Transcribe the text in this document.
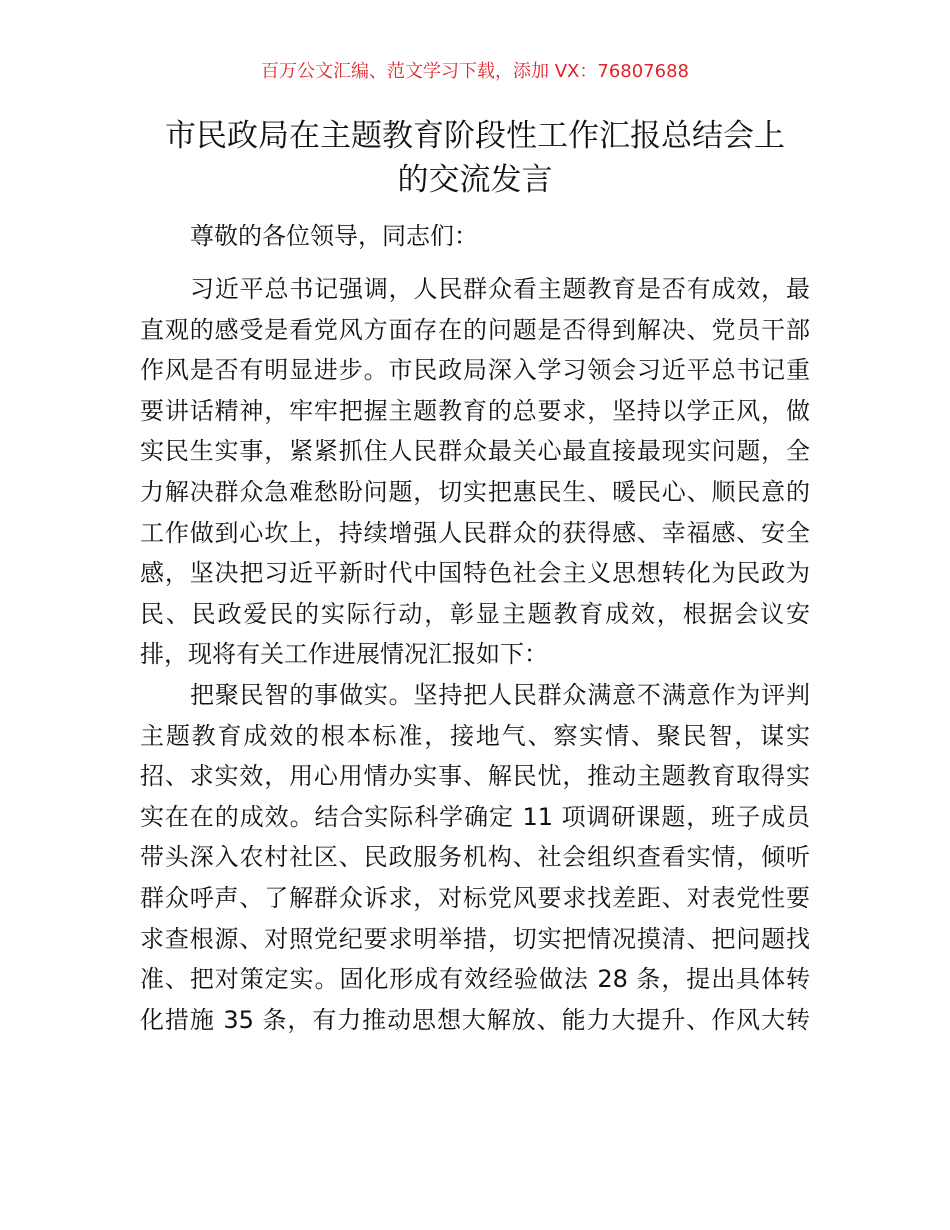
百万公文汇编、范文学习下载，添加 VX：76807688
市民政局在主题教育阶段性工作汇报总结会上
的交流发言
尊敬的各位领导，同志们：
习近平总书记强调，人民群众看主题教育是否有成效，最
直观的感受是看党风方面存在的问题是否得到解决、党员干部
作风是否有明显进步。市民政局深入学习领会习近平总书记重
要讲话精神，牢牢把握主题教育的总要求，坚持以学正风，做
实民生实事，紧紧抓住人民群众最关心最直接最现实问题，全
力解决群众急难愁盼问题，切实把惠民生、暖民心、顺民意的
工作做到心坎上，持续增强人民群众的获得感、幸福感、安全
感，坚决把习近平新时代中国特色社会主义思想转化为民政为
民、民政爱民的实际行动，彰显主题教育成效，根据会议安
排，现将有关工作进展情况汇报如下：
把聚民智的事做实。坚持把人民群众满意不满意作为评判
主题教育成效的根本标准，接地气、察实情、聚民智，谋实
招、求实效，用心用情办实事、解民忧，推动主题教育取得实
实在在的成效。结合实际科学确定 11 项调研课题，班子成员
带头深入农村社区、民政服务机构、社会组织查看实情，倾听
群众呼声、了解群众诉求，对标党风要求找差距、对表党性要
求查根源、对照党纪要求明举措，切实把情况摸清、把问题找
准、把对策定实。固化形成有效经验做法 28 条，提出具体转
化措施 35 条，有力推动思想大解放、能力大提升、作风大转
